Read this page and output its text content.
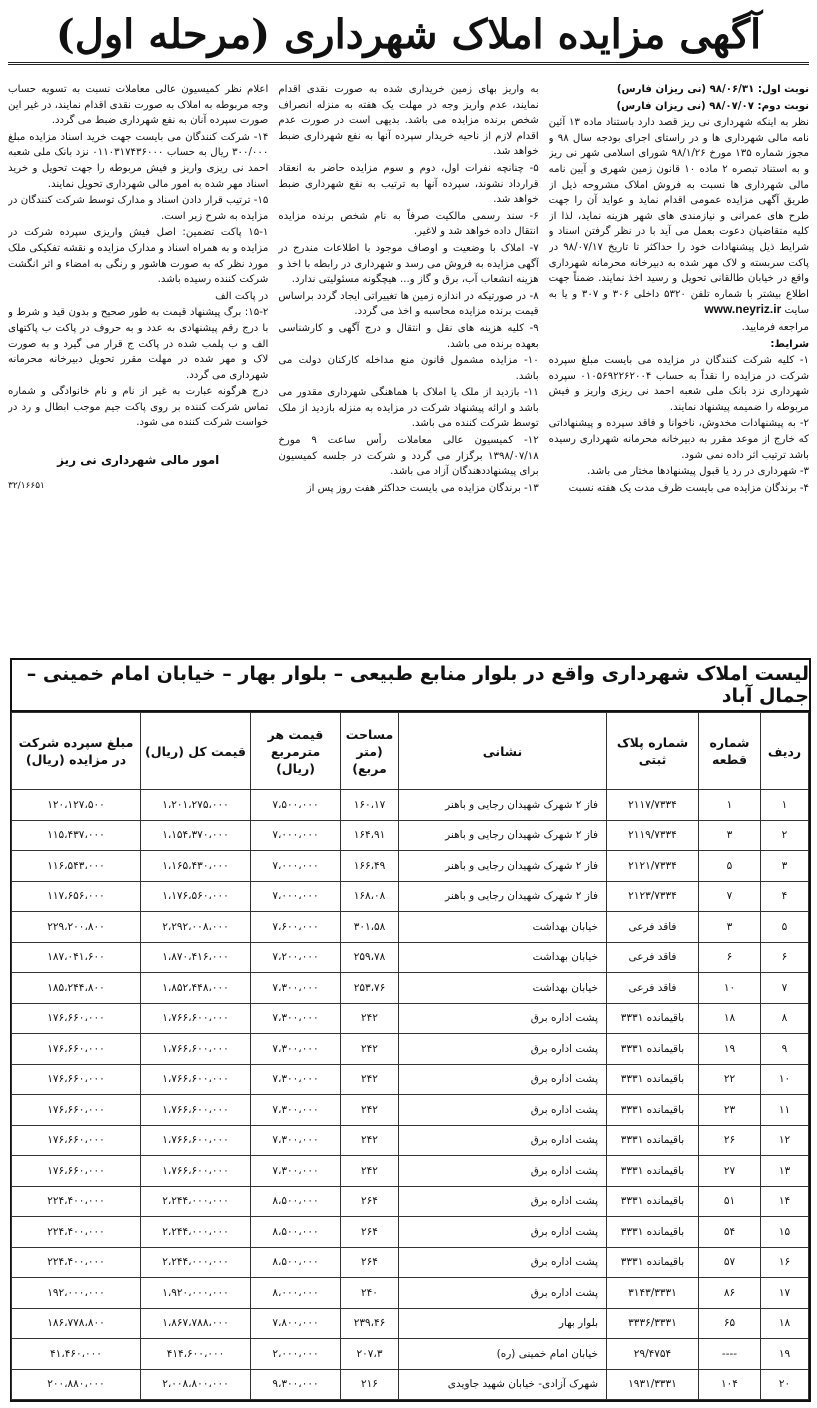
آگهی مزایده املاک شهرداری (مرحله اول)

نوبت اول: ۹۸/۰۶/۳۱ (نی ریزان فارس)

نوبت دوم: ۹۸/۰۷/۰۷ (نی ریزان فارس)

نظر به اینکه شهرداری نی ریز قصد دارد باستناد ماده ۱۳ آئین نامه مالی شهرداری ها و در راستای اجرای بودجه سال ۹۸ و مجوز شماره ۱۳۵ مورخ ۹۸/۱/۲۶ شورای اسلامی شهر نی ریز و به استناد تبصره ۲ ماده ۱۰ قانون زمین شهری و آیین نامه مالی شهرداری ها نسبت به فروش املاک مشروحه ذیل از طریق آگهی مزایده عمومی اقدام نماید و عواید آن را جهت طرح های عمرانی و نیازمندی های شهر هزینه نماید، لذا از کلیه متقاضیان دعوت بعمل می آید با در نظر گرفتن اسناد و شرایط ذیل پیشنهادات خود را حداکثر تا تاریخ ۹۸/۰۷/۱۷ در پاکت سربسته و لاک مهر شده به دبیرخانه محرمانه شهرداری واقع در خیابان طالقانی تحویل و رسید اخذ نمایند. ضمناً جهت اطلاع بیشتر با شماره تلفن ۵۳۲۰ داخلی ۳۰۶ و ۳۰۷ و یا به سایت www.neyriz.ir

مراجعه فرمایید.

شرایط:

۱- کلیه شرکت کنندگان در مزایده می بایست مبلغ سپرده شرکت در مزایده را نقداً به حساب ۰۱۰۵۶۹۲۲۶۲۰۰۴ سپرده شهرداری نزد بانک ملی شعبه احمد نی ریزی واریز و فیش مربوطه را ضمیمه پیشنهاد نمایند.

۲- به پیشنهادات مخدوش، ناخوانا و فاقد سپرده و پیشنهاداتی که خارج از موعد مقرر به دبیرخانه محرمانه شهرداری رسیده باشد ترتیب اثر داده نمی شود.

۳- شهرداری در رد یا قبول پیشنهادها مختار می باشد.

۴- برندگان مزایده می بایست ظرف مدت یک هفته نسبت

به واریز بهای زمین خریداری شده به صورت نقدی اقدام نمایند، عدم واریز وجه در مهلت یک هفته به منزله انصراف شخص برنده مزایده می باشد. بدیهی است در صورت عدم اقدام لازم از ناحیه خریدار سپرده آنها به نفع شهرداری ضبط خواهد شد.

۵- چنانچه نفرات اول، دوم و سوم مزایده حاضر به انعقاد قرارداد نشوند، سپرده آنها به ترتیب به نفع شهرداری ضبط خواهد شد.

۶- سند رسمی مالکیت صرفاً به نام شخص برنده مزایده انتقال داده خواهد شد و لاغیر.

۷- املاک با وضعیت و اوصاف موجود با اطلاعات مندرج در آگهی مزایده به فروش می رسد و شهرداری در رابطه با اخذ و هزینه انشعاب آب، برق و گاز و... هیچگونه مسئولیتی ندارد.

۸- در صورتیکه در اندازه زمین ها تغییراتی ایجاد گردد براساس قیمت برنده مزایده محاسبه و اخذ می گردد.

۹- کلیه هزینه های نقل و انتقال و درج آگهی و کارشناسی بعهده برنده می باشد.

۱۰- مزایده مشمول قانون منع مداخله کارکنان دولت می باشد.

۱۱- بازدید از ملک یا املاک با هماهنگی شهرداری مقدور می باشد و ارائه پیشنهاد شرکت در مزایده به منزله بازدید از ملک توسط شرکت کننده می باشد.

۱۲- کمیسیون عالی معاملات رأس ساعت ۹ مورخ ۱۳۹۸/۰۷/۱۸ برگزار می گردد و شرکت در جلسه کمیسیون برای پیشنهاددهندگان آزاد می باشد.

۱۳- برندگان مزایده می بایست حداکثر هفت روز پس از

اعلام نظر کمیسیون عالی معاملات نسبت به تسویه حساب وجه مربوطه به املاک به صورت نقدی اقدام نمایند، در غیر این صورت سپرده آنان به نفع شهرداری ضبط می گردد.

۱۴- شرکت کنندگان می بایست جهت خرید اسناد مزایده مبلغ ۳۰۰/۰۰۰ ریال به حساب ۰۱۱۰۳۱۷۴۳۶۰۰۰ نزد بانک ملی شعبه احمد نی ریزی واریز و فیش مربوطه را جهت تحویل و خرید اسناد مهر شده به امور مالی شهرداری تحویل نمایند.

۱۵- ترتیب قرار دادن اسناد و مدارک توسط شرکت کنندگان در مزایده به شرح زیر است.

۱۵-۱ پاکت تضمین: اصل فیش واریزی سپرده شرکت در مزایده و به همراه اسناد و مدارک مزایده و نقشه تفکیکی ملک مورد نظر که به صورت هاشور و رنگی به امضاء و اثر انگشت شرکت کننده رسیده باشد.

در پاکت الف

۱۵-۲: برگ پیشنهاد قیمت به طور صحیح و بدون قید و شرط و با درج رقم پیشنهادی به عدد و به حروف در پاکت ب پاکتهای الف و ب پلمب شده در پاکت ج قرار می گیرد و به صورت لاک و مهر شده در مهلت مقرر تحویل دبیرخانه محرمانه شهرداری می گردد.

درج هرگونه عبارت به غیر از نام و نام خانوادگی و شماره تماس شرکت کننده بر روی پاکت جیم موجب ابطال و رد در خواست شرکت کننده می شود.

امور مالی شهرداری نی ریز
۳۲/۱۶۶۵۱
لیست املاک شهرداری واقع در بلوار منابع طبیعی – بلوار بهار – خیابان امام خمینی – جمال آباد
ردیف	شماره قطعه	شماره پلاک ثبتی	نشانی	مساحت (متر مربع)	قیمت هر مترمربع (ریال)	قیمت کل (ریال)	مبلغ سپرده شرکت در مزایده (ریال)
۱	۱	۲۱۱۷/۷۳۳۴	فاز ۲ شهرک شهیدان رجایی و باهنر	۱۶۰،۱۷	۷،۵۰۰،۰۰۰	۱،۲۰۱،۲۷۵،۰۰۰	۱۲۰،۱۲۷،۵۰۰
۲	۳	۲۱۱۹/۷۳۳۴	فاز ۲ شهرک شهیدان رجایی و باهنر	۱۶۴،۹۱	۷،۰۰۰،۰۰۰	۱،۱۵۴،۳۷۰،۰۰۰	۱۱۵،۴۳۷،۰۰۰
۳	۵	۲۱۲۱/۷۳۳۴	فاز ۲ شهرک شهیدان رجایی و باهنر	۱۶۶،۴۹	۷،۰۰۰،۰۰۰	۱،۱۶۵،۴۳۰،۰۰۰	۱۱۶،۵۴۳،۰۰۰
۴	۷	۲۱۲۳/۷۳۳۴	فاز ۲ شهرک شهیدان رجایی و باهنر	۱۶۸،۰۸	۷،۰۰۰،۰۰۰	۱،۱۷۶،۵۶۰،۰۰۰	۱۱۷،۶۵۶،۰۰۰
۵	۳	فاقد فرعی	خیابان بهداشت	۳۰۱،۵۸	۷،۶۰۰،۰۰۰	۲،۲۹۲،۰۰۸،۰۰۰	۲۲۹،۲۰۰،۸۰۰
۶	۶	فاقد فرعی	خیابان بهداشت	۲۵۹،۷۸	۷،۲۰۰،۰۰۰	۱،۸۷۰،۴۱۶،۰۰۰	۱۸۷،۰۴۱،۶۰۰
۷	۱۰	فاقد فرعی	خیابان بهداشت	۲۵۳،۷۶	۷،۳۰۰،۰۰۰	۱،۸۵۲،۴۴۸،۰۰۰	۱۸۵،۲۴۴،۸۰۰
۸	۱۸	باقیمانده ۳۳۳۱	پشت اداره برق	۲۴۲	۷،۳۰۰،۰۰۰	۱،۷۶۶،۶۰۰،۰۰۰	۱۷۶،۶۶۰،۰۰۰
۹	۱۹	باقیمانده ۳۳۳۱	پشت اداره برق	۲۴۲	۷،۳۰۰،۰۰۰	۱،۷۶۶،۶۰۰،۰۰۰	۱۷۶،۶۶۰،۰۰۰
۱۰	۲۲	باقیمانده ۳۳۳۱	پشت اداره برق	۲۴۲	۷،۳۰۰،۰۰۰	۱،۷۶۶،۶۰۰،۰۰۰	۱۷۶،۶۶۰،۰۰۰
۱۱	۲۳	باقیمانده ۳۳۳۱	پشت اداره برق	۲۴۲	۷،۳۰۰،۰۰۰	۱،۷۶۶،۶۰۰،۰۰۰	۱۷۶،۶۶۰،۰۰۰
۱۲	۲۶	باقیمانده ۳۳۳۱	پشت اداره برق	۲۴۲	۷،۳۰۰،۰۰۰	۱،۷۶۶،۶۰۰،۰۰۰	۱۷۶،۶۶۰،۰۰۰
۱۳	۲۷	باقیمانده ۳۳۳۱	پشت اداره برق	۲۴۲	۷،۳۰۰،۰۰۰	۱،۷۶۶،۶۰۰،۰۰۰	۱۷۶،۶۶۰،۰۰۰
۱۴	۵۱	باقیمانده ۳۳۳۱	پشت اداره برق	۲۶۴	۸،۵۰۰،۰۰۰	۲،۲۴۴،۰۰۰،۰۰۰	۲۲۴،۴۰۰،۰۰۰
۱۵	۵۴	باقیمانده ۳۳۳۱	پشت اداره برق	۲۶۴	۸،۵۰۰،۰۰۰	۲،۲۴۴،۰۰۰،۰۰۰	۲۲۴،۴۰۰،۰۰۰
۱۶	۵۷	باقیمانده ۳۳۳۱	پشت اداره برق	۲۶۴	۸،۵۰۰،۰۰۰	۲،۲۴۴،۰۰۰،۰۰۰	۲۲۴،۴۰۰،۰۰۰
۱۷	۸۶	۳۱۴۳/۳۳۳۱	پشت اداره برق	۲۴۰	۸،۰۰۰،۰۰۰	۱،۹۲۰،۰۰۰،۰۰۰	۱۹۲،۰۰۰،۰۰۰
۱۸	۶۵	۳۳۳۶/۳۳۳۱	بلوار بهار	۲۳۹،۴۶	۷،۸۰۰،۰۰۰	۱،۸۶۷،۷۸۸،۰۰۰	۱۸۶،۷۷۸،۸۰۰
۱۹	----	۲۹/۴۷۵۴	خیابان امام خمینی (ره)	۲۰۷،۳	۲،۰۰۰،۰۰۰	۴۱۴،۶۰۰،۰۰۰	۴۱،۴۶۰،۰۰۰
۲۰	۱۰۴	۱۹۳۱/۳۳۳۱	شهرک آزادی- خیابان شهید جاویدی	۲۱۶	۹،۳۰۰،۰۰۰	۲،۰۰۸،۸۰۰،۰۰۰	۲۰۰،۸۸۰،۰۰۰
